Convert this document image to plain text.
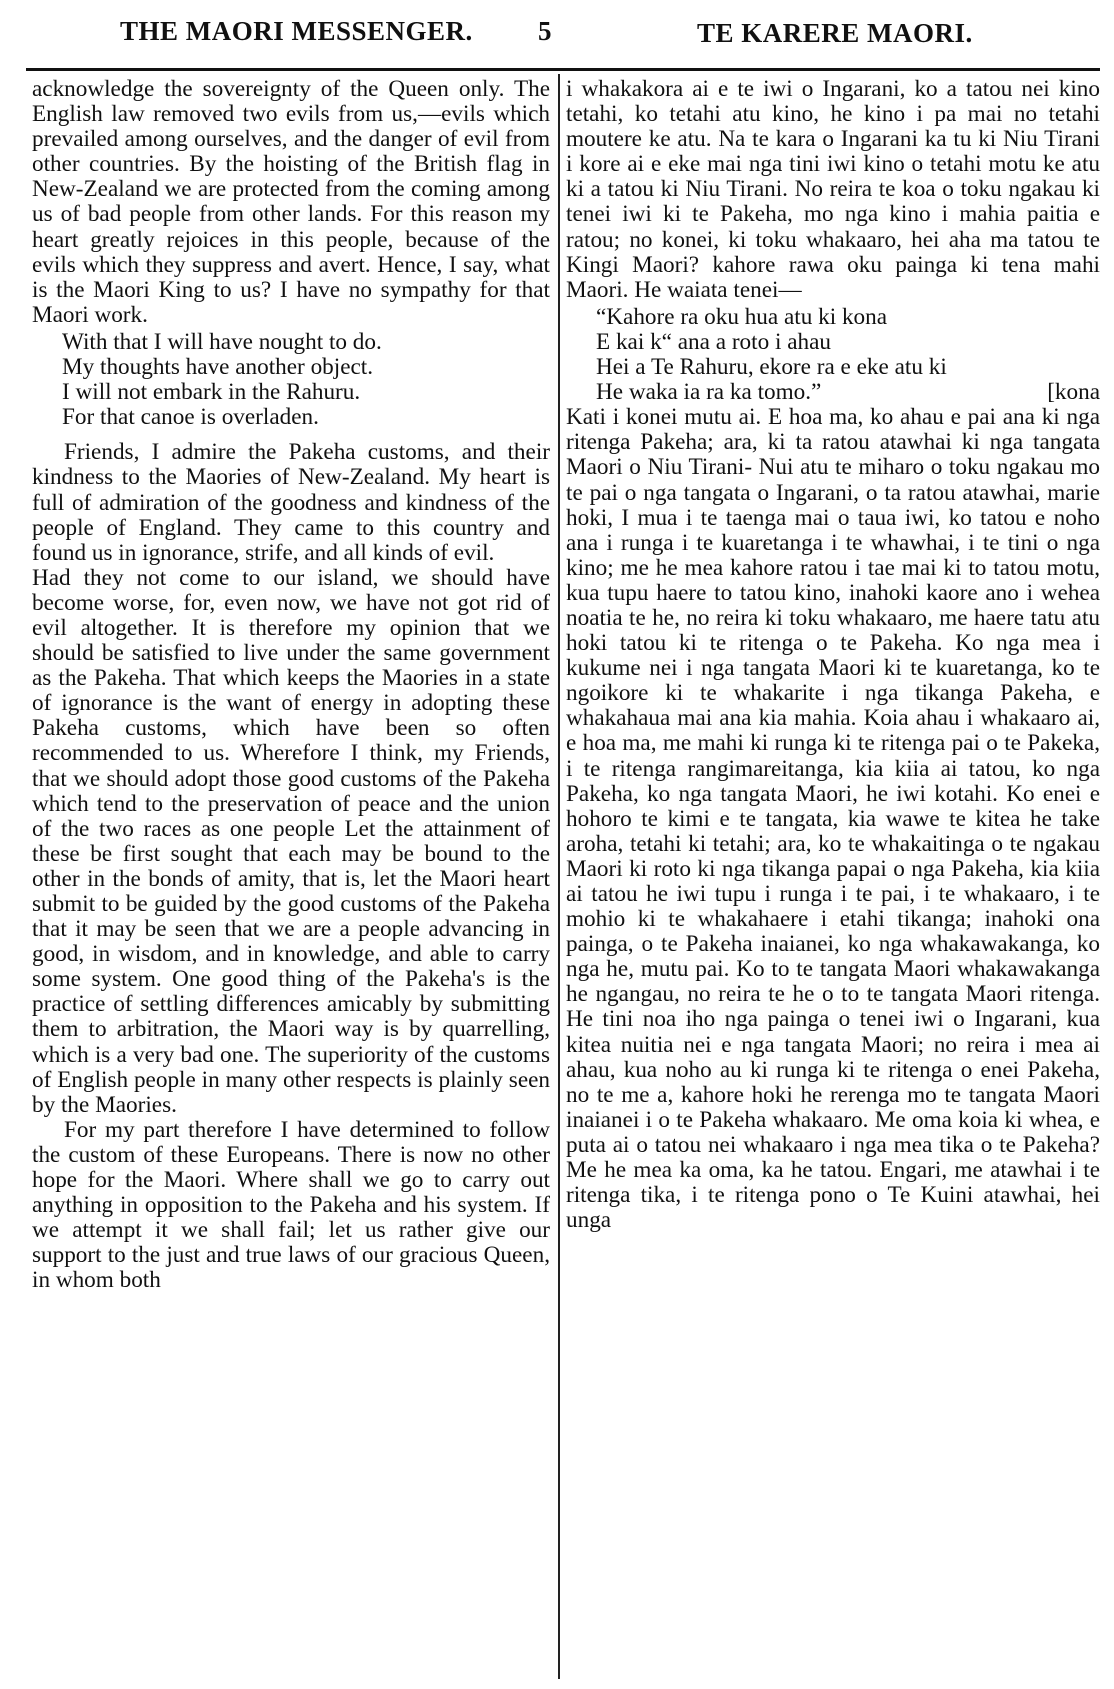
THE MAORI MESSENGER. 5	TE KARERE MAORI.

acknowledge the sovereignty of the Queen only. The English law removed two evils from us,—evils which prevailed among ourselves, and the danger of evil from other countries. By the hoisting of the British flag in New-Zealand we are protected from the coming among us of bad people from other lands. For this reason my heart greatly rejoices in this people, because of the evils which they suppress and avert. Hence, I say, what is the Maori King to us? I have no sympathy for that Maori work.

With that I will have nought to do.
My thoughts have another object.
I will not embark in the Rahuru.
For that canoe is overladen.

Friends, I admire the Pakeha customs, and their kindness to the Maories of New-Zealand. My heart is full of admiration of the goodness and kindness of the people of England. They came to this country and found us in ignorance, strife, and all kinds of evil.

Had they not come to our island, we should have become worse, for, even now, we have not got rid of evil altogether. It is therefore my opinion that we should be satisfied to live under the same government as the Pakeha. That which keeps the Maories in a state of ignorance is the want of energy in adopting these Pakeha customs, which have been so often recommended to us. Wherefore I think, my Friends, that we should adopt those good customs of the Pakeha which tend to the preservation of peace and the union of the two races as one people Let the attainment of these be first sought that each may be bound to the other in the bonds of amity, that is, let the Maori heart submit to be guided by the good customs of the Pakeha that it may be seen that we are a people advancing in good, in wisdom, and in knowledge, and able to carry some system. One good thing of the Pakeha's is the practice of settling differences amicably by submitting them to arbitration, the Maori way is by quarrelling, which is a very bad one. The superiority of the customs of English people in many other respects is plainly seen by the Maories.

For my part therefore I have determined to follow the custom of these Europeans. There is now no other hope for the Maori. Where shall we go to carry out anything in opposition to the Pakeha and his system. If we attempt it we shall fail; let us rather give our support to the just and true laws of our gracious Queen, in whom both

i whakakora ai e te iwi o Ingarani, ko a tatou nei kino tetahi, ko tetahi atu kino, he kino i pa mai no tetahi moutere ke atu. Na te kara o Ingarani ka tu ki Niu Tirani i kore ai e eke mai nga tini iwi kino o tetahi motu ke atu ki a tatou ki Niu Tirani. No reira te koa o toku ngakau ki tenei iwi ki te Pakeha, mo nga kino i mahia paitia e ratou; no konei, ki toku whakaaro, hei aha ma tatou te Kingi Maori? kahore rawa oku painga ki tena mahi Maori. He waiata tenei—

“Kahore ra oku hua atu ki kona
E kai k“ ana a roto i ahau
Hei a Te Rahuru, ekore ra e eke atu ki
He waka ia ra ka tomo.”	[kona

Kati i konei mutu ai. E hoa ma, ko ahau e pai ana ki nga ritenga Pakeha; ara, ki ta ratou atawhai ki nga tangata Maori o Niu Tirani- Nui atu te miharo o toku ngakau mo te pai o nga tangata o Ingarani, o ta ratou atawhai, marie hoki, I mua i te taenga mai o taua iwi, ko tatou e noho ana i runga i te kuaretanga i te whawhai, i te tini o nga kino; me he mea kahore ratou i tae mai ki to tatou motu, kua tupu haere to tatou kino, inahoki kaore ano i wehea noatia te he, no reira ki toku whakaaro, me haere tatu atu hoki tatou ki te ritenga o te Pakeha. Ko nga mea i kukume nei i nga tangata Maori ki te kuaretanga, ko te ngoikore ki te whakarite i nga tikanga Pakeha, e whakahaua mai ana kia mahia. Koia ahau i whakaaro ai, e hoa ma, me mahi ki runga ki te ritenga pai o te Pakeka, i te ritenga rangimareitanga, kia kiia ai tatou, ko nga Pakeha, ko nga tangata Maori, he iwi kotahi. Ko enei e hohoro te kimi e te tangata, kia wawe te kitea he take aroha, tetahi ki tetahi; ara, ko te whakaitinga o te ngakau Maori ki roto ki nga tikanga papai o nga Pakeha, kia kiia ai tatou he iwi tupu i runga i te pai, i te whakaaro, i te mohio ki te whakahaere i etahi tikanga; inahoki ona painga, o te Pakeha inaianei, ko nga whakawakanga, ko nga he, mutu pai. Ko to te tangata Maori whakawakanga he ngangau, no reira te he o to te tangata Maori ritenga. He tini noa iho nga painga o tenei iwi o Ingarani, kua kitea nuitia nei e nga tangata Maori; no reira i mea ai ahau, kua noho au ki runga ki te ritenga o enei Pakeha, no te me a, kahore hoki he rerenga mo te tangata Maori inaianei i o te Pakeha whakaaro. Me oma koia ki whea, e puta ai o tatou nei whakaaro i nga mea tika o te Pakeha? Me he mea ka oma, ka he tatou. Engari, me atawhai i te ritenga tika, i te ritenga pono o Te Kuini atawhai, hei unga
